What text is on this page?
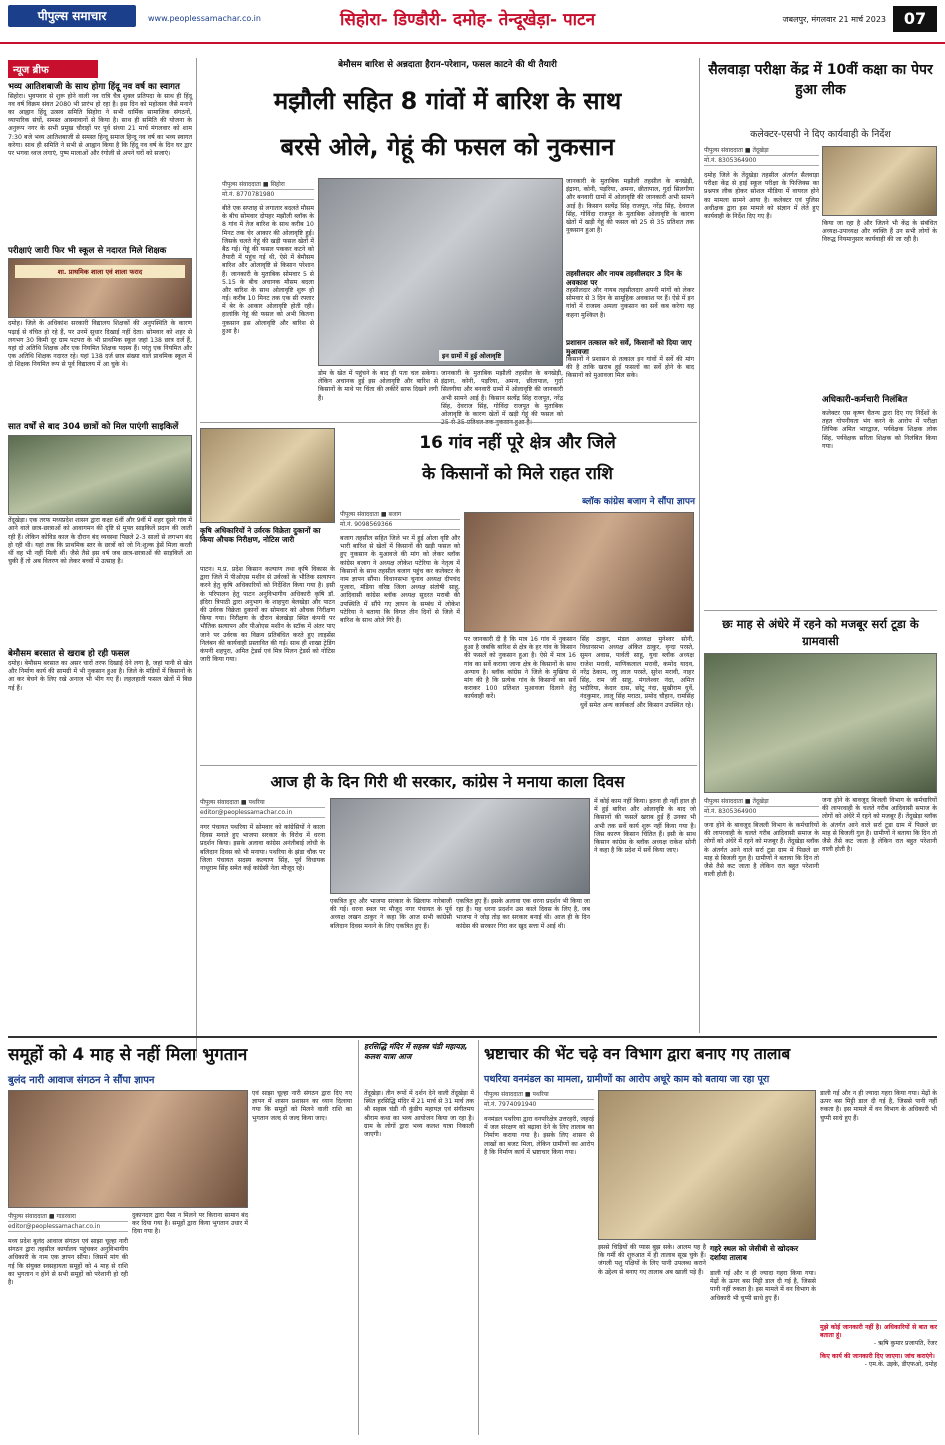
पीपुल्स समाचार	www.peoplessamachar.co.in	सिहोरा- डिण्डौरी- दमोह- तेन्दूखेड़ा- पाटन	जबलपुर, मंगलवार 21 मार्च 2023	07
न्यूज ब्रीफ
भव्य आतिशबाजी के साथ होगा हिंदू नव वर्ष का स्वागत
सिहोरा। भुवपवार से शुरू होने वाली नव रात्रि चैत्र शुक्ल प्रतिपदा के साथ ही हिंदू नव वर्ष विक्रम संवत 2080 भी प्रारंभ हो रहा है। इस दिन को महोत्सव जैसे मनाने का आह्वान हिंदू उत्सव समिति सिहोरा ने सभी धार्मिक सामाजिक संगठनों, व्यापारिक संघों, समस्त आस्थावानों से किया है। साथ ही समिति की योजना के अनुरूप नगर के सभी प्रमुख चौराहों पर पूर्व संध्या 21 मार्च मंगलवार को शाम 7:30 बजे भव्य आतिशबाजी से समस्त हिन्दू समाज हिन्दू नव वर्ष का भव्य स्वागत करेगा। साथ ही समिति ने सभी से आह्वान किया है कि हिंदू नव वर्ष के दिन घर द्वार पर भगवा ध्वज लगाएं, पुष्प मालाओं और रंगोली से अपने घरों को सजाएं।
परीक्षाएं जारी फिर भी स्कूल से नदारत मिले शिक्षक
शा. प्राथमिक शाला एवं शाला फराद
दमोह। जिले के अधिकांश सरकारी विद्यालय शिक्षकों की अनुपस्थिति के कारण पढ़ाई से वंचित हो रहे हैं, पर उनमें सुधार दिखाई नहीं देता। सोमवार को शहर से लगभग 30 किमी दूर ग्राम पटपरा के भी प्राथमिक स्कूल जहां 138 छात्र दर्ज हैं, यहां दो अतिथि शिक्षक और एक नियमित शिक्षक पदस्थ हैं। परंतु एक नियमित और एक अतिथि शिक्षक नदारत रहे। यहां 138 दर्ज छात्र संख्या वाले प्राथमिक स्कूल में दो शिक्षक नियमित रूप से पूर्व विद्यालय में आ चुके थे।
सात वर्षों से बाद 304 छात्रों को मिल पाएंगी साइकिलें
तेंदूखेड़ा। एक तरफ मध्यप्रदेश शासन द्वारा कक्षा 6वीं और 9वीं में शहर दूसरे गांव में आने वाले छात्र-छात्राओं को आवागमन की दृष्टि से मुफ्त साइकिलें प्रदान की जाती रही हैं। लेकिन कोविड काल के दौरान बंद व्यवस्था पिछले 2-3 सालों से लगभग बंद हो रही थी। यहां तक कि प्राथमिक स्तर के छात्रों को जो नि:शुल्क ड्रेसें मिला करती थीं वह भी नहीं मिली थीं। जैसे तैसे इस वर्ष जब छात्र-छात्राओं की साइकिलें आ चुकी हैं तो अब वितरण को लेकर बच्चों में उत्साह है।
बेमौसम बरसात से खराब हो रही फसल
दमोह। बेमौसम बरसात का असर चारों तरफ दिखाई देने लगा है, जहां पानी से खेत और निर्माण कार्य की सामग्री में भी नुकसान हुआ है। जिले के मंडियों में किसानों के आ कर बेचने के लिए रखे अनाज भी भीग गए हैं। लहलहाती फसल खेतों में बिछ गई हैं।
बेमौसम बारिश से अन्नदाता हैरान-परेशान, फसल काटने की थी तैयारी
मझौली सहित 8 गांवों में बारिश के साथ
बरसे ओले, गेहूं की फसल को नुकसान
पीपुल्स संवाददाता ■ सिहोरा
मो.नं. 8770781980
इन ग्रामों में हुई ओलावृष्टि
बीते एक सप्ताह से लगातार बदलते मौसम के बीच सोमवार दोपहर मझौली ब्लॉक के 8 गांव में तेज बारिश के साथ करीब 10 मिनट तक चेर आकार की ओलावृष्टि हुई। जिसके चलते गेहूं की खड़ी फसल खेतों में बैठ गई। गेहूं की फसल पककर कटने को तैयारी में पहुंच गई थी, ऐसे में बेमौसम बारिश और ओलावृष्टि से किसान परेशान हैं। जानकारी के मुताबिक सोमवार 5 से 5.15 के बीच अचानक मौसम बदला और बारिश के साथ ओलावृष्टि शुरू हो गई। करीब 10 मिनट तक एक सी रफ्तार में बेर के आकार ओलावृष्टि होती रही। हालांकि गेहूं की फसल को अभी कितना नुकसान इस ओलावृष्टि और बारिश से हुआ है।
डोम के खेत में पहुंचने के बाद ही पता चल सकेगा। लेकिन अचानक हुई इस ओलावृष्टि और बारिश से किसानों के माथे पर चिंता की लकीरें साफ दिखने लगी हैं।
जानकारी के मुताबिक मझौली तहसील के बनखेड़ी, इंद्राना, कोनी, पड़रिया, अमना, छीतापाल, गुर्दा सिलगीया और बनवारी ग्रामों में ओलावृष्टि की जानकारी अभी सामने आई है। किसान सत्येंद्र सिंह राजपूत, नरेंद्र सिंह, देवराज सिंह, गोविंदा राजपूत के मुताबिक ओलावृष्टि के कारण खेतों में खड़ी गेहूं की फसल को
जानकारी के मुताबिक मझौली तहसील के बनखेड़ी, इंद्राना, कोनी, पड़रिया, अमना, छीतापाल, गुर्दा सिलगीया और बनवारी ग्रामों में ओलावृष्टि की जानकारी अभी सामने आई है। किसान सत्येंद्र सिंह राजपूत, नरेंद्र सिंह, देवराज सिंह, गोविंदा राजपूत के मुताबिक ओलावृष्टि के कारण खेतों में खड़ी गेहूं की फसल को 25 से 35 प्रतिशत तक नुकसान हुआ है।
तहसीलदार और नायब तहसीलदार 3 दिन के अवकाश पर
तहसीलदार और नायब तहसीलदार अपनी मांगों को लेकर सोमवार से 3 दिन के सामूहिक अवकाश पर हैं। ऐसे में इन गांवों में राजस्व अमला नुकसान का सर्वे कब करेगा यह कहना मुश्किल है।
प्रशासन तत्काल करे सर्वे, किसानों को दिया जाए मुआवजा
किसानों ने प्रशासन से तत्काल इन गांवों में सर्वे की मांग की है ताकि खराब हुई फसलों का सर्वे होने के बाद किसानों को मुआवजा मिल सके।
16 गांव नहीं पूरे क्षेत्र और जिले
के किसानों को मिले राहत राशि
ब्लॉक कांग्रेस बजाग ने सौंपा ज्ञापन
पीपुल्स संवाददाता ■ बजाग
मो.नं. 9098569366
बजाग तहसील सहित जिले भर में हुई ओला वृष्टि और भारी बारिश से खेतों में किसानों की खड़ी फसल को हुए नुकसान के मुआवजे की मांग को लेकर ब्लॉक कांग्रेस बजाग ने अध्यक्ष लोकेश पटेरिया के नेतृत्व में किसानों के साथ तहसील बजाग पहुंच कर कलेक्टर के नाम ज्ञापन सौंपा। विधानसभा चुनाव अध्यक्ष दीपचंद पुजारा, मंडिया वरिष्ठ जिला अध्यक्ष संतोषी साहू, आदिवासी कांग्रेस ब्लॉक अध्यक्ष सुदरत मराबी की उपस्थिति में सौंपे गए ज्ञापन के सम्बंध में लोकेश पटेरिया ने बताया कि विगत तीन दिनों से जिले में बारिश के साथ ओले गिरे हैं।
पर जानकारी दी है कि मात्र 16 गांव में नुकसान हुआ है जबकि बारिश से क्षेत्र के हर गांव के किसान की फसलें को नुकसान हुआ है। ऐसे में मात्र 16 गांव का सर्वे कराया जाना क्षेत्र के किसानों के साथ अन्याय है। ब्लॉक कांग्रेस ने जिले के मुखिया से मांग की है कि प्रत्येक गांव के किसानों का सर्वे कराकर 100 प्रतिशत मुआवजा दिलाने हेतु कार्यवाही करें।
सिंह ठाकुर, मंडल अध्यक्ष मुनेश्वर सोनी, विधानसभा अध्यक्ष अंकित ठाकुर, वृन्दा परस्ते, सुमन अवास, पार्वती साहू, युवा ब्लॉक अध्यक्ष राजेश मरावी, माणिकलाल मरावी, कमोद यादव, नरेंद्र ठेकाम, रघु लाल परस्ते, सुरेश मरावी, नाहर सिंह, राम जी साहू, मंगलेश्वर नंदा, अमित भदौरिया, केदार दास, छोटू नंदा, सुखीराम धुर्वे, नंदकुमार, लालू सिंह मराठा, प्रमोद चौहान, रामसिंह धुर्वे समेत अन्य कार्यकर्ता और किसान उपस्थित रहे।
कृषि अधिकारियों ने उर्वरक विक्रेता दुकानों का किया औचक निरीक्षण, नोटिस जारी
पाटन। म.प्र. प्रदेश किसान कल्याण तथा कृषि विकास के द्वारा जिले में पीओएस मशीन से उर्वरकों के भौतिक सत्यापन करने हेतु कृषि अधिकारियों को निर्देशित किया गया है। इसी के परिपालन हेतु पाटन अनुविभागीय अधिकारी कृषि डॉ. इंदिरा त्रिपाठी द्वारा अनुभाग के शाहपुरा बेलखेड़ा और पाटन की उर्वरक विक्रेता दुकानों का सोमवार को औचक निरीक्षण किया गया। निरीक्षण के दौरान बेलखेड़ा स्थित कंपनी पर भौतिक सत्यापन और पीओएस मशीन के स्टॉक में अंतर पाए जाने पर उर्वरक का विक्रय प्रतिबंधित करते हुए लाइसेंस निलंबन की कार्यवाही प्रस्तावित की गई। साथ ही शाखा ट्रेडिंग कंपनी शहपुरा, अमित ट्रेडर्स एवं मित्र मिलन ट्रेडर्स को नोटिस जारी किया गया।
आज ही के दिन गिरी थी सरकार, कांग्रेस ने मनाया काला दिवस
पीपुल्स संवाददाता ■ पथरिया
editor@peoplessamachar.co.in
नगर पंचायत पथरिया में सोमवार को कांग्रेसियों ने काला दिवस मनाते हुए भाजपा सरकार के विरोध में धरना प्रदर्शन किया। इसके अलावा कांग्रेस अनंतीबाई लोधी के बलिदान दिवस को भी मनाया। पथरिया के झंडा चौक पर जिला पंचायत सदस्य कल्याण सिंह, पूर्व विधायक नाथूराम सिंह समेत कई कांग्रेसी नेता मौजूद रहे।
एकत्रित हुए और भाजपा सरकार के खिलाफ नारेबाजी की गई। धरना स्थल पर मौजूद नगर पंचायत के पूर्व अध्यक्ष लखन ठाकुर ने कहा कि आज सभी कांग्रेसी बलिदान दिवस मनाने के लिए एकत्रित हुए हैं।
एकत्रित हुए हैं। इसके अलावा एक धरना प्रदर्शन भी किया जा रहा है। यह धरना प्रदर्शन उस काले दिवस के लिए है, जब भाजपा ने जोड़ तोड़ कर सरकार बनाई थी। आज ही के दिन कांग्रेस की सरकार गिरा कर खुद सत्ता में आई थी।
में कोई काम नहीं किया। इतना ही नहीं हाल ही में हुई बारिश और ओलावृष्टि के बाद जो किसानों की फसलें खराब हुई हैं उनका भी अभी तक सर्वे कार्य शुरू नहीं किया गया है। जिस कारण किसान चिंतित हैं। इसी के साथ किसान कांग्रेस के ब्लॉक अध्यक्ष राकेश सोनी ने कहा है कि प्रदेश में सर्वे किया जाए।
सैलवाड़ा परीक्षा केंद्र में 10वीं कक्षा का पेपर हुआ लीक
कलेक्टर-एसपी ने दिए कार्यवाही के निर्देश
पीपुल्स संवाददाता ■ तेंदूखेड़ा
मो.नं. 8305364900
दमोह जिले के तेंदूखेड़ा तहसील अंतर्गत सैलवाड़ा परीक्षा केंद्र से हाई स्कूल परीक्षा के फिजिक्स का प्रश्नपत्र लीक होकर सोशल मीडिया में वायरल होने का मामला सामने आया है। कलेक्टर एवं पुलिस अधीक्षक द्वारा इस मामले को संज्ञान में लेते हुए कार्यवाही के निर्देश दिए गए हैं।
किया जा रहा है और जितने भी केंद्र के संबंधित अध्यक्ष-उपाध्यक्ष और व्यक्ति हैं उन सभी लोगों के विरुद्ध नियमानुसार कार्यवाही की जा रही है।
अधिकारी-कर्मचारी निलंबित
कलेक्टर एस कृष्ण चैतन्य द्वारा दिए गए निर्देशों के तहत गोपनीयता भंग करने के आरोप में परीक्षा लिपिक अमित भारद्वाज, पर्यवेक्षक शिक्षक लोक सिंह, पर्यवेक्षक सरिता शिक्षक को निलंबित किया गया।
छः माह से अंधेरे में रहने को मजबूर सर्रा टूडा के ग्रामवासी
पीपुल्स संवाददाता ■ तेंदूखेड़ा
मो.नं. 8305364900
जना होने के बावजूद बिजली विभाग के कर्मचारियों की लापरवाही के चलते गरीब आदिवासी समाज के लोगों को अंधेरे में रहने को मजबूर हैं। तेंदूखेड़ा ब्लॉक के अंतर्गत आने वाले सर्रा टूडा ग्राम में पिछले छः माह से बिजली गुल है। ग्रामीणों ने बताया कि दिन तो जैसे तैसे कट जाता है लेकिन रात बहुत परेशानी वाली होती है।
जना होने के बावजूद बिजली विभाग के कर्मचारियों की लापरवाही के चलते गरीब आदिवासी समाज के लोगों को अंधेरे में रहने को मजबूर हैं। तेंदूखेड़ा ब्लॉक के अंतर्गत आने वाले सर्रा टूडा ग्राम में पिछले छः माह से बिजली गुल है। ग्रामीणों ने बताया कि दिन तो जैसे तैसे कट जाता है लेकिन रात बहुत परेशानी वाली होती है।
समूहों को 4 माह से नहीं मिला भुगतान
बुलंद नारी आवाज संगठन ने सौंपा ज्ञापन
पीपुल्स संवाददाता ■ गाडरवारा
editor@peoplessamachar.co.in
मध्य प्रदेश बुलंद आवाज संगठन एवं साझा चूल्हा नारी संगठन द्वारा तहसील कार्यालय पहुंचकर अनुविभागीय अधिकारी के नाम एक ज्ञापन सौंपा। जिसमें मांग की गई कि संयुक्त स्वसहायता समूहों को 4 माह से राशि का भुगतान न होने से सभी समूहों को परेशानी हो रही है।
दुकानदार द्वारा पैसा न मिलने पर किराना सामान बंद कर दिया गया है। समूहों द्वारा किया भुगतान उधार में दिया गया है।
एवं साझा चूल्हा नारी संगठन द्वारा दिए गए ज्ञापन में शासन प्रशासन का ध्यान दिलाया गया कि समूहों को मिलने वाली राशि का भुगतान जल्द से जल्द किया जाए।
हरसिद्धि मंदिर में सहस्त्र चंडी महायज्ञ, कलश यात्रा आज
तेंदूखेड़ा। तीन रूपों में दर्शन देने वाली तेंदूखेड़ा में स्थित हरसिद्धि मंदिर में 21 मार्च से 31 मार्च तक श्री सहस्त्र चंडी नौ कुंडीय महायज्ञ एवं संगीतमय श्रीराम कथा का भव्य आयोजन किया जा रहा है। ग्राम के लोगों द्वारा भव्य कलश यात्रा निकाली जाएगी।
भ्रष्टाचार की भेंट चढ़े वन विभाग द्वारा बनाए गए तालाब
पथरिया वनमंडल का मामला, ग्रामीणों का आरोप अधूरे काम को बताया जा रहा पूरा
पीपुल्स संवाददाता ■ पथरिया
मो.नं. 7974091940
वनमंडल पथरिया द्वारा वनपरिक्षेत्र उत्तरहरी, जहरई में जल संरक्षण को बढ़ावा देने के लिए तालाब का निर्माण कराया गया है। इसके लिए शासन से लाखों का बजट मिला, लेकिन ग्रामीणों का आरोप है कि निर्माण कार्य में भ्रष्टाचार किया गया।
इससे चिड़ियों की प्यास बुझ सके। आलम यह है कि गर्मी की शुरुआत में ही तालाब सूख चुके हैं। जंगली पशु पक्षियों के लिए पानी उपलब्ध कराने के उद्देश्य से बनाए गए तालाब अब खाली पड़े हैं।
डाली गई और न ही ज्यादा गहरा किया गया। मेढ़ों के ऊपर बस मिट्टी डाल दी गई है, जिससे पानी नहीं रुकता है। इस मामले में वन विभाग के अधिकारी भी चुप्पी साधे हुए हैं।
गहरे स्थल को जेसीबी से खोदकर दर्शाया तालाब
डाली गई और न ही ज्यादा गहरा किया गया। मेढ़ों के ऊपर बस मिट्टी डाल दी गई है, जिससे पानी नहीं रुकता है। इस मामले में वन विभाग के अधिकारी भी चुप्पी साधे हुए हैं।
मुझे कोई जानकारी नहीं है। अधिकारियों से बात कर बताता हूं।
- ऋषि कुमार प्रजापति, रेंजर
किए कार्य की जानकारी दिए जाएगा। जांच कराएंगे।
- एम.के. उइके, डीएफओ, दमोह
